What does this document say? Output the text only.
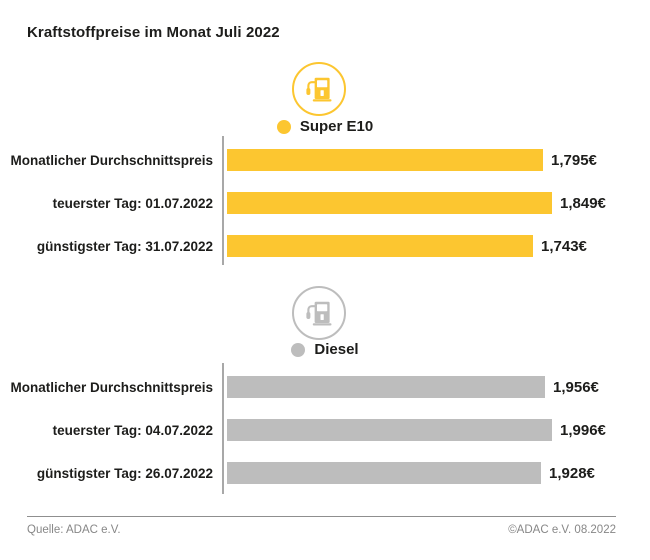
Kraftstoffpreise im Monat Juli 2022
Super E10
Monatlicher Durchschnittspreis	1,795€
teuerster Tag: 01.07.2022	1,849€
günstigster Tag: 31.07.2022	1,743€
Diesel
Monatlicher Durchschnittspreis	1,956€
teuerster Tag: 04.07.2022	1,996€
günstigster Tag: 26.07.2022	1,928€
Quelle: ADAC e.V.	©ADAC e.V. 08.2022
